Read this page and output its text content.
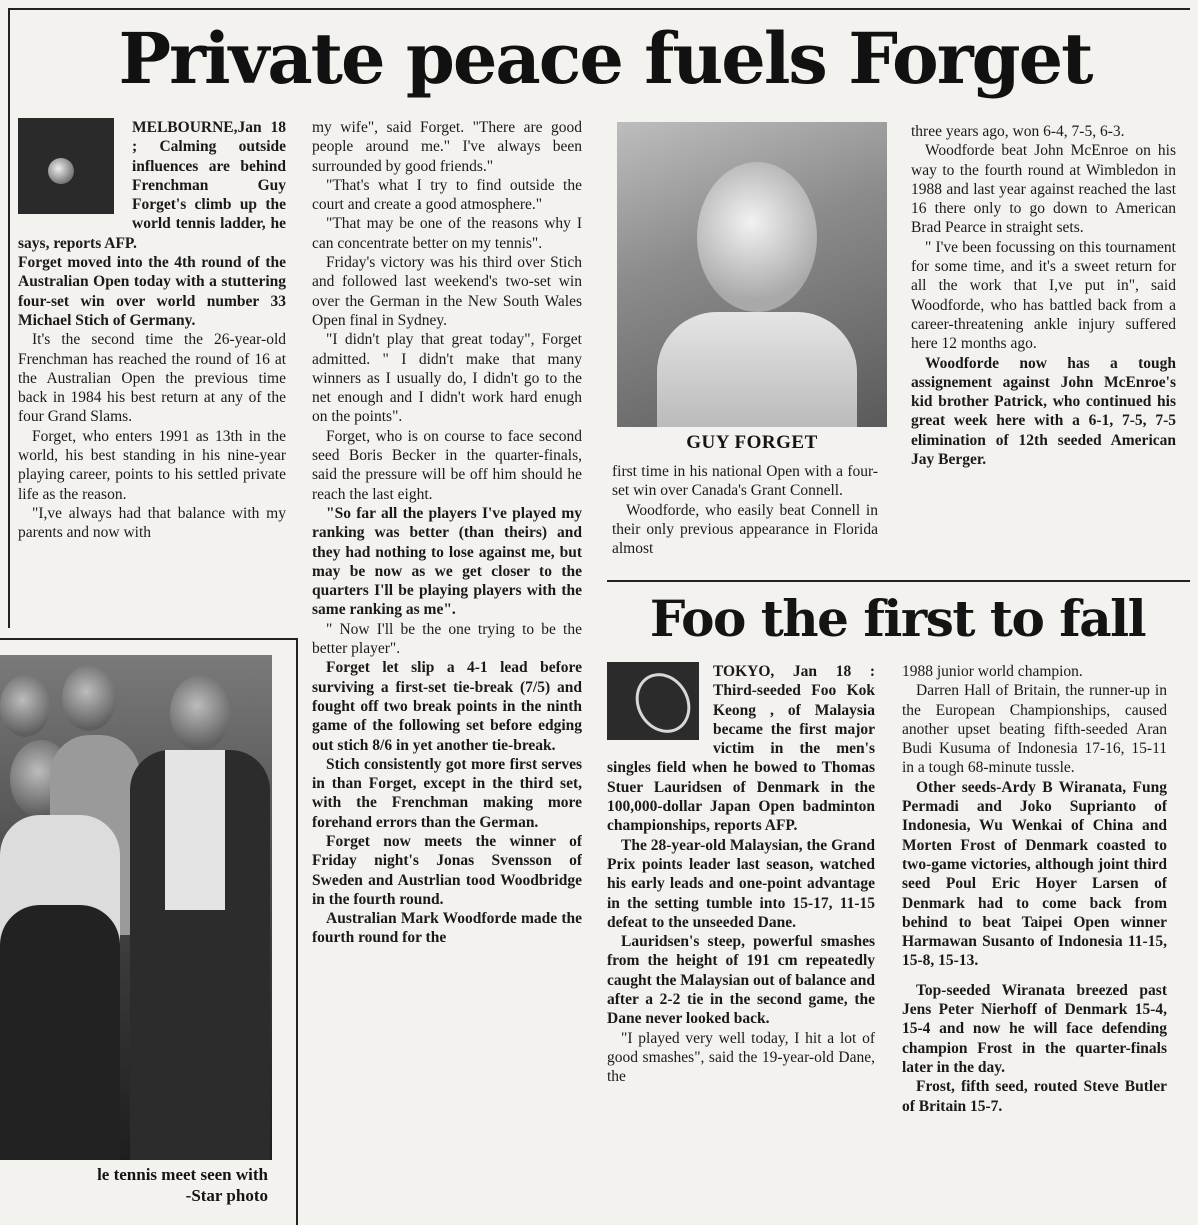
Private peace fuels Forget

MELBOURNE,Jan 18 ; Calming outside influences are behind Frenchman Guy Forget's climb up the world tennis ladder, he says, reports AFP.

Forget moved into the 4th round of the Australian Open today with a stuttering four-set win over world number 33 Michael Stich of Germany.

It's the second time the 26-year-old Frenchman has reached the round of 16 at the Australian Open the previous time back in 1984 his best return at any of the four Grand Slams.

Forget, who enters 1991 as 13th in the world, his best standing in his nine-year playing career, points to his settled private life as the reason.

"I,ve always had that balance with my parents and now with

my wife", said Forget. "There are good people around me." I've always been surrounded by good friends."

"That's what I try to find outside the court and create a good atmosphere."

"That may be one of the reasons why I can concentrate better on my tennis".

Friday's victory was his third over Stich and followed last weekend's two-set win over the German in the New South Wales Open final in Sydney.

"I didn't play that great today", Forget admitted. " I didn't make that many winners as I usually do, I didn't go to the net enough and I didn't work hard enugh on the points".

Forget, who is on course to face second seed Boris Becker in the quarter-finals, said the pressure will be off him should he reach the last eight.

"So far all the players I've played my ranking was better (than theirs) and they had nothing to lose against me, but may be now as we get closer to the quarters I'll be playing players with the same ranking as me".

" Now I'll be the one trying to be the better player".

Forget let slip a 4-1 lead before surviving a first-set tie-break (7/5) and fought off two break points in the ninth game of the following set before edging out stich 8/6 in yet another tie-break.

Stich consistently got more first serves in than Forget, except in the third set, with the Frenchman making more forehand errors than the German.

Forget now meets the winner of Friday night's Jonas Svensson of Sweden and Austrlian tood Woodbridge in the fourth round.

Australian Mark Woodforde made the fourth round for the

GUY FORGET

first time in his national Open with a four-set win over Canada's Grant Connell.

Woodforde, who easily beat Connell in their only previous appearance in Florida almost

three years ago, won 6-4, 7-5, 6-3.

Woodforde beat John McEnroe on his way to the fourth round at Wimbledon in 1988 and last year against reached the last 16 there only to go down to American Brad Pearce in straight sets.

" I've been focussing on this tournament for some time, and it's a sweet return for all the work that I,ve put in", said Woodforde, who has battled back from a career-threatening ankle injury suffered here 12 months ago.

Woodforde now has a tough assignement against John McEnroe's kid brother Patrick, who continued his great week here with a 6-1, 7-5, 7-5 elimination of 12th seeded American Jay Berger.

le tennis meet seen with
-Star photo
Foo the first to fall

TOKYO, Jan 18 : Third-seeded Foo Kok Keong , of Malaysia became the first major victim in the men's singles field when he bowed to Thomas Stuer Lauridsen of Denmark in the 100,000-dollar Japan Open badminton championships, reports AFP.

The 28-year-old Malaysian, the Grand Prix points leader last season, watched his early leads and one-point advantage in the setting tumble into 15-17, 11-15 defeat to the unseeded Dane.

Lauridsen's steep, powerful smashes from the height of 191 cm repeatedly caught the Malaysian out of balance and after a 2-2 tie in the second game, the Dane never looked back.

"I played very well today, I hit a lot of good smashes", said the 19-year-old Dane, the

1988 junior world champion.

Darren Hall of Britain, the runner-up in the European Championships, caused another upset beating fifth-seeded Aran Budi Kusuma of Indonesia 17-16, 15-11 in a tough 68-minute tussle.

Other seeds-Ardy B Wiranata, Fung Permadi and Joko Suprianto of Indonesia, Wu Wenkai of China and Morten Frost of Denmark coasted to two-game victories, although joint third seed Poul Eric Hoyer Larsen of Denmark had to come back from behind to beat Taipei Open winner Harmawan Susanto of Indonesia 11-15, 15-8, 15-13.

Top-seeded Wiranata breezed past Jens Peter Nierhoff of Denmark 15-4, 15-4 and now he will face defending champion Frost in the quarter-finals later in the day.

Frost, fifth seed, routed Steve Butler of Britain 15-7.
